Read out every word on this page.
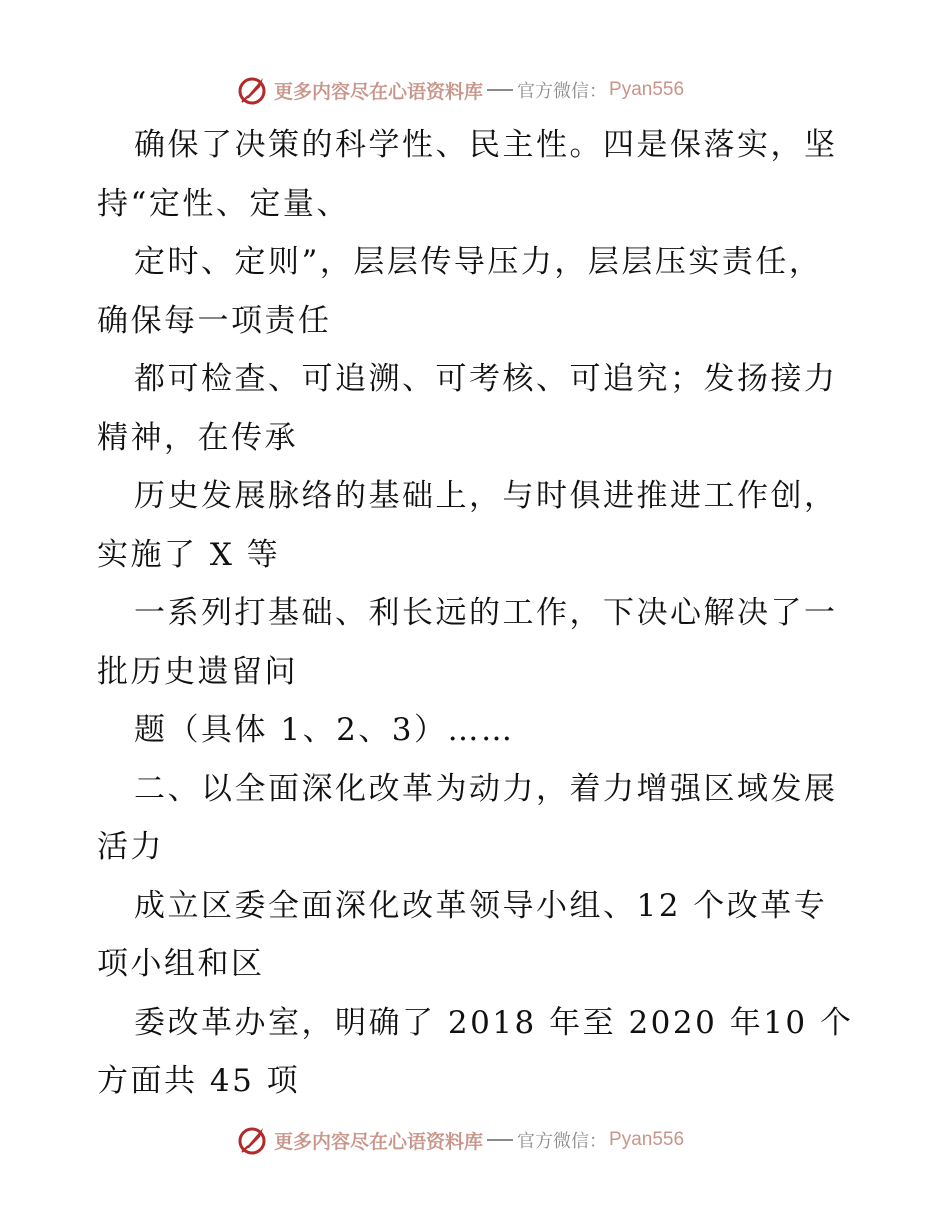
更多内容尽在心语资料库 官方微信： Pyan556
确保了决策的科学性、民主性。四是保落实，坚
持“定性、定量、
定时、定则”，层层传导压力，层层压实责任，
确保每一项责任
都可检查、可追溯、可考核、可追究；发扬接力
精神，在传承
历史发展脉络的基础上，与时俱进推进工作创，
实施了 X 等
一系列打基础、利长远的工作，下决心解决了一
批历史遗留问
题（具体 1、2、3）……
二、以全面深化改革为动力，着力增强区域发展
活力
成立区委全面深化改革领导小组、12 个改革专
项小组和区
委改革办室，明确了 2018 年至 2020 年10 个
方面共 45 项
更多内容尽在心语资料库 官方微信： Pyan556
